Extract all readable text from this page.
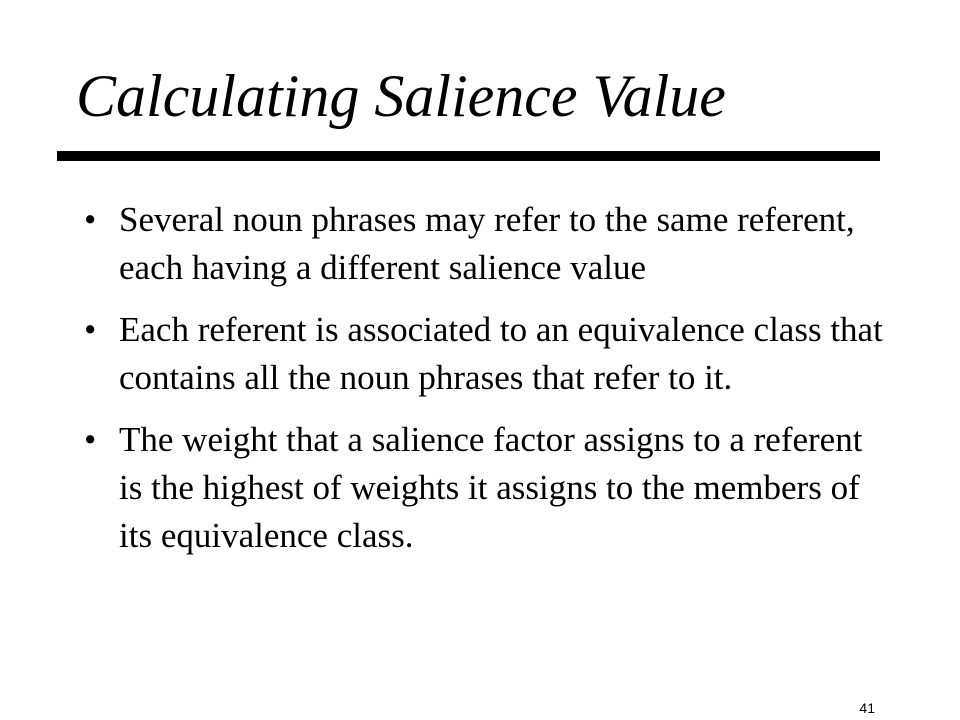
Calculating Salience Value
• Several noun phrases may refer to the same referent, each having a different salience value
• Each referent is associated to an equivalence class that contains all the noun phrases that refer to it.
• The weight that a salience factor assigns to a referent is the highest of weights it assigns to the members of its equivalence class.
41
